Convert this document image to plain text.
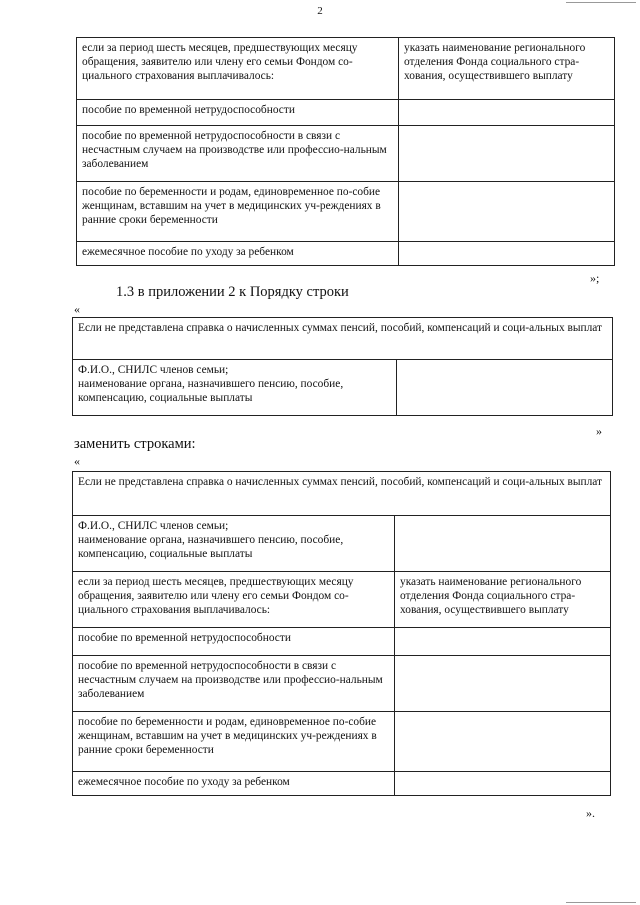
2
если за период шесть месяцев, предшествующих месяцу обращения, заявителю или члену его семьи Фондом со-циального страхования выплачивалось:	указать наименование регионального отделения Фонда социального стра-хования, осуществившего выплату
пособие по временной нетрудоспособности	
пособие по временной нетрудоспособности в связи с несчастным случаем на производстве или профессио-нальным заболеванием	
пособие по беременности и родам, единовременное по-собие женщинам, вставшим на учет в медицинских уч-реждениях в ранние сроки беременности	
ежемесячное пособие по уходу за ребенком	
»;
1.3 в приложении 2 к Порядку строки
«
Если не представлена справка о начисленных суммах пенсий, пособий, компенсаций и соци-альных выплат
Ф.И.О., СНИЛС членов семьи;
наименование органа, назначившего пенсию, пособие, компенсацию, социальные выплаты	
»
заменить строками:
«
Если не представлена справка о начисленных суммах пенсий, пособий, компенсаций и соци-альных выплат	
Ф.И.О., СНИЛС членов семьи;
наименование органа, назначившего пенсию, пособие, компенсацию, социальные выплаты	
если за период шесть месяцев, предшествующих месяцу обращения, заявителю или члену его семьи Фондом со-циального страхования выплачивалось:	указать наименование регионального отделения Фонда социального стра-хования, осуществившего выплату
пособие по временной нетрудоспособности	
пособие по временной нетрудоспособности в связи с несчастным случаем на производстве или профессио-нальным заболеванием	
пособие по беременности и родам, единовременное по-собие женщинам, вставшим на учет в медицинских уч-реждениях в ранние сроки беременности	
ежемесячное пособие по уходу за ребенком	
».
